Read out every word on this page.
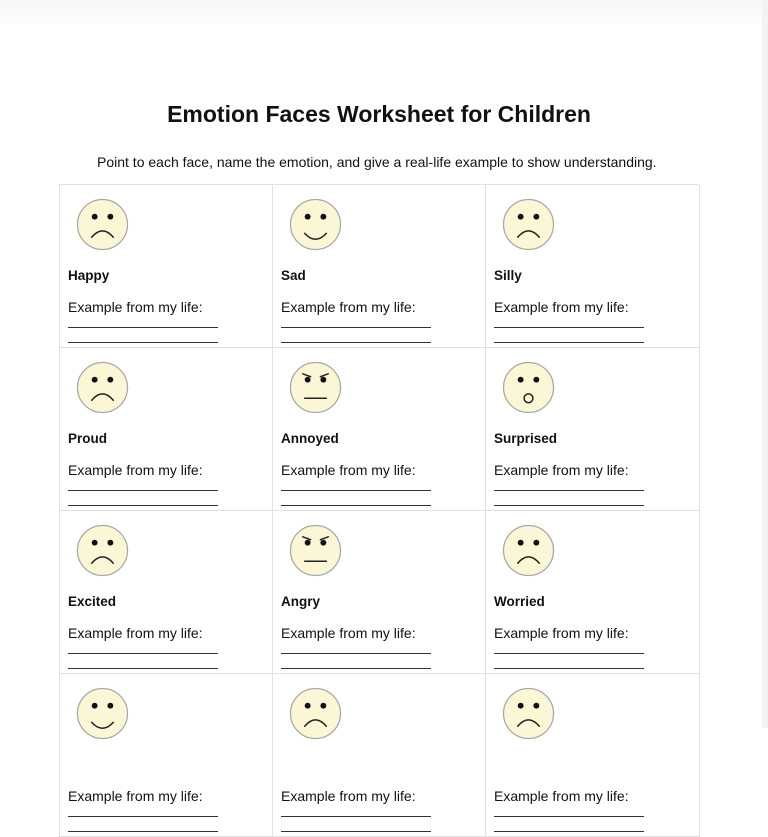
Emotion Faces Worksheet for Children

Point to each face, name the emotion, and give a real-life example to show understanding.

Happy
Example from my life:
Sad
Example from my life:
Silly
Example from my life:
Proud
Example from my life:
Annoyed
Example from my life:
Surprised
Example from my life:
Excited
Example from my life:
Angry
Example from my life:
Worried
Example from my life:
Example from my life:	Example from my life:	Example from my life:
